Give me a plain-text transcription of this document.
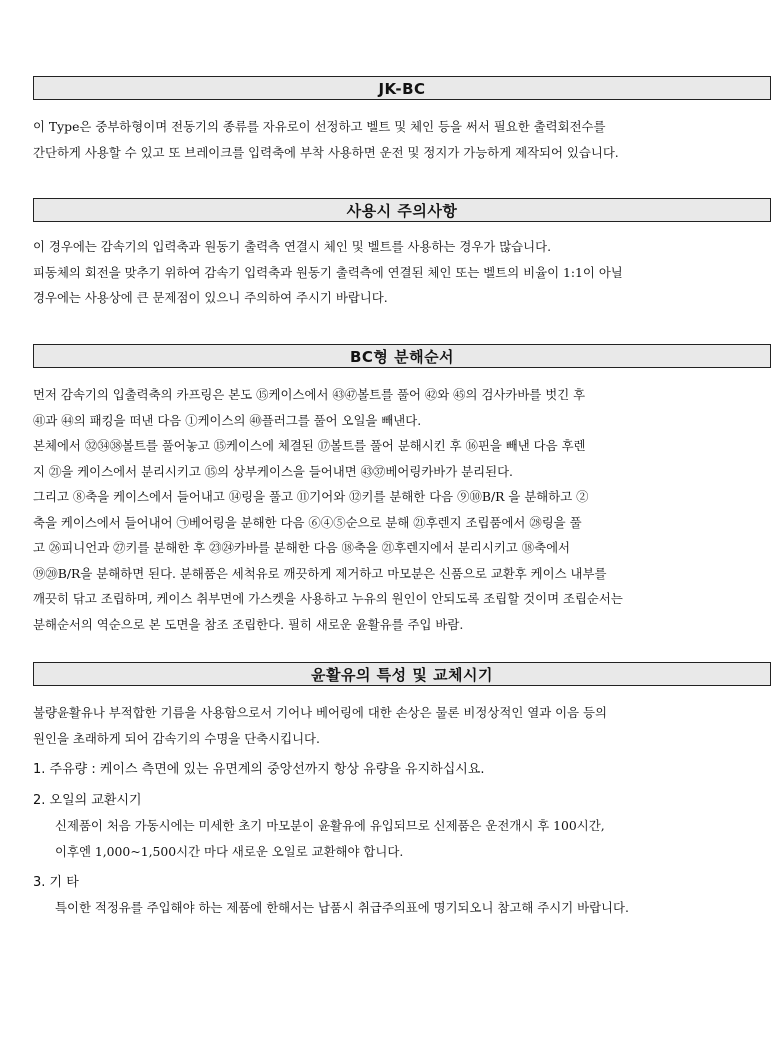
JK-BC

이 Type은 중부하형이며 전동기의 종류를 자유로이 선정하고 벨트 및 체인 등을 써서 필요한 출력회전수를

간단하게 사용할 수 있고 또 브레이크를 입력축에 부착 사용하면 운전 및 정지가 가능하게 제작되어 있습니다.

사용시 주의사항

이 경우에는 감속기의 입력축과 원동기 출력측 연결시 체인 및 벨트를 사용하는 경우가 많습니다.

피동체의 회전을 맞추기 위하여 감속기 입력축과 원동기 출력측에 연결된 체인 또는 벨트의 비율이 1:1이 아닐

경우에는 사용상에 큰 문제점이 있으니 주의하여 주시기 바랍니다.

BC형 분해순서

먼저 감속기의 입출력축의 카프링은 본도 ⑮케이스에서 ㊸㊼볼트를 풀어 ㊷와 ㊺의 검사카바를 벗긴 후

㊶과 ㊹의 패킹을 떠낸 다음 ①케이스의 ㊵플러그를 풀어 오일을 빼낸다.

본체에서 ㉜㉞㊳볼트를 풀어놓고 ⑮케이스에 체결된 ⑰볼트를 풀어 분해시킨 후 ⑯핀을 빼낸 다음 후렌

지 ㉑을 케이스에서 분리시키고 ⑮의 상부케이스을 들어내면 ㊸㊲베어링카바가 분리된다.

그리고 ⑧축을 케이스에서 들어내고 ⑭링을 풀고 ⑪기어와 ⑫키를 분해한 다음 ⑨⑩B/R 을 분해하고 ②

축을 케이스에서 들어내어 ㉠베어링을 분해한 다음 ⑥④⑤순으로 분해 ㉑후렌지 조립품에서 ㉘링을 풀

고 ㉖피니언과 ㉗키를 분해한 후 ㉓㉔카바를 분해한 다음 ⑱축을 ㉑후렌지에서 분리시키고 ⑱축에서

⑲⑳B/R을 분해하면 된다. 분해품은 세척유로 깨끗하게 제거하고 마모분은 신품으로 교환후 케이스 내부를

깨끗히 닦고 조립하며, 케이스 취부면에 가스켓을 사용하고 누유의 원인이 안되도록 조립할 것이며 조립순서는

분해순서의 역순으로 본 도면을 참조 조립한다. 필히 새로운 윤활유를 주입 바람.

윤활유의 특성 및 교체시기

불량윤활유나 부적합한 기름을 사용함으로서 기어나 베어링에 대한 손상은 물론 비정상적인 열과 이음 등의

원인을 초래하게 되어 감속기의 수명을 단축시킵니다.

1. 주유량 : 케이스 측면에 있는 유면계의 중앙선까지 항상 유량을 유지하십시요.

2. 오일의 교환시기

신제품이 처음 가동시에는 미세한 초기 마모분이 윤활유에 유입되므로 신제품은 운전개시 후 100시간,

이후엔 1,000~1,500시간 마다 새로운 오일로 교환해야 합니다.

3. 기 타

특이한 적정유를 주입해야 하는 제품에 한해서는 납품시 취급주의표에 명기되오니 참고해 주시기 바랍니다.
